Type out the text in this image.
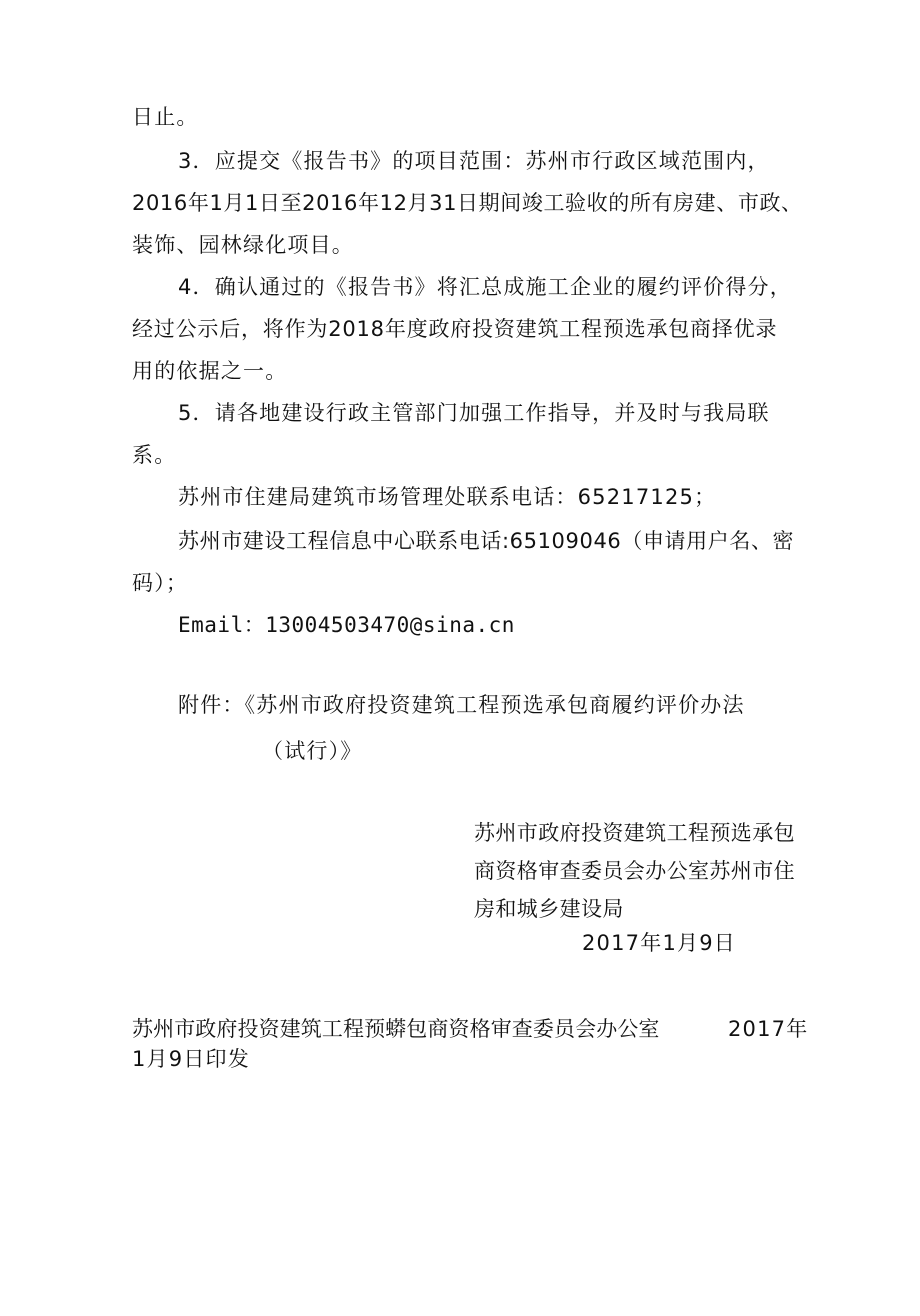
日止。
3．应提交《报告书》的项目范围：苏州市行政区域范围内，
2016年1月1日至2016年12月31日期间竣工验收的所有房建、市政、
装饰、园林绿化项目。
4．确认通过的《报告书》将汇总成施工企业的履约评价得分，
经过公示后，将作为2018年度政府投资建筑工程预选承包商择优录
用的依据之一。
5．请各地建设行政主管部门加强工作指导，并及时与我局联
系。
苏州市住建局建筑市场管理处联系电话：65217125；
苏州市建设工程信息中心联系电话:65109046（申请用户名、密
码）；
Email：13004503470@sina.cn
附件：《苏州市政府投资建筑工程预选承包商履约评价办法
（试行）》
苏州市政府投资建筑工程预选承包
商资格审查委员会办公室苏州市住
房和城乡建设局
2017年1月9日
苏州市政府投资建筑工程预蟒包商资格审查委员会办公室	2017年
1月9日印发
